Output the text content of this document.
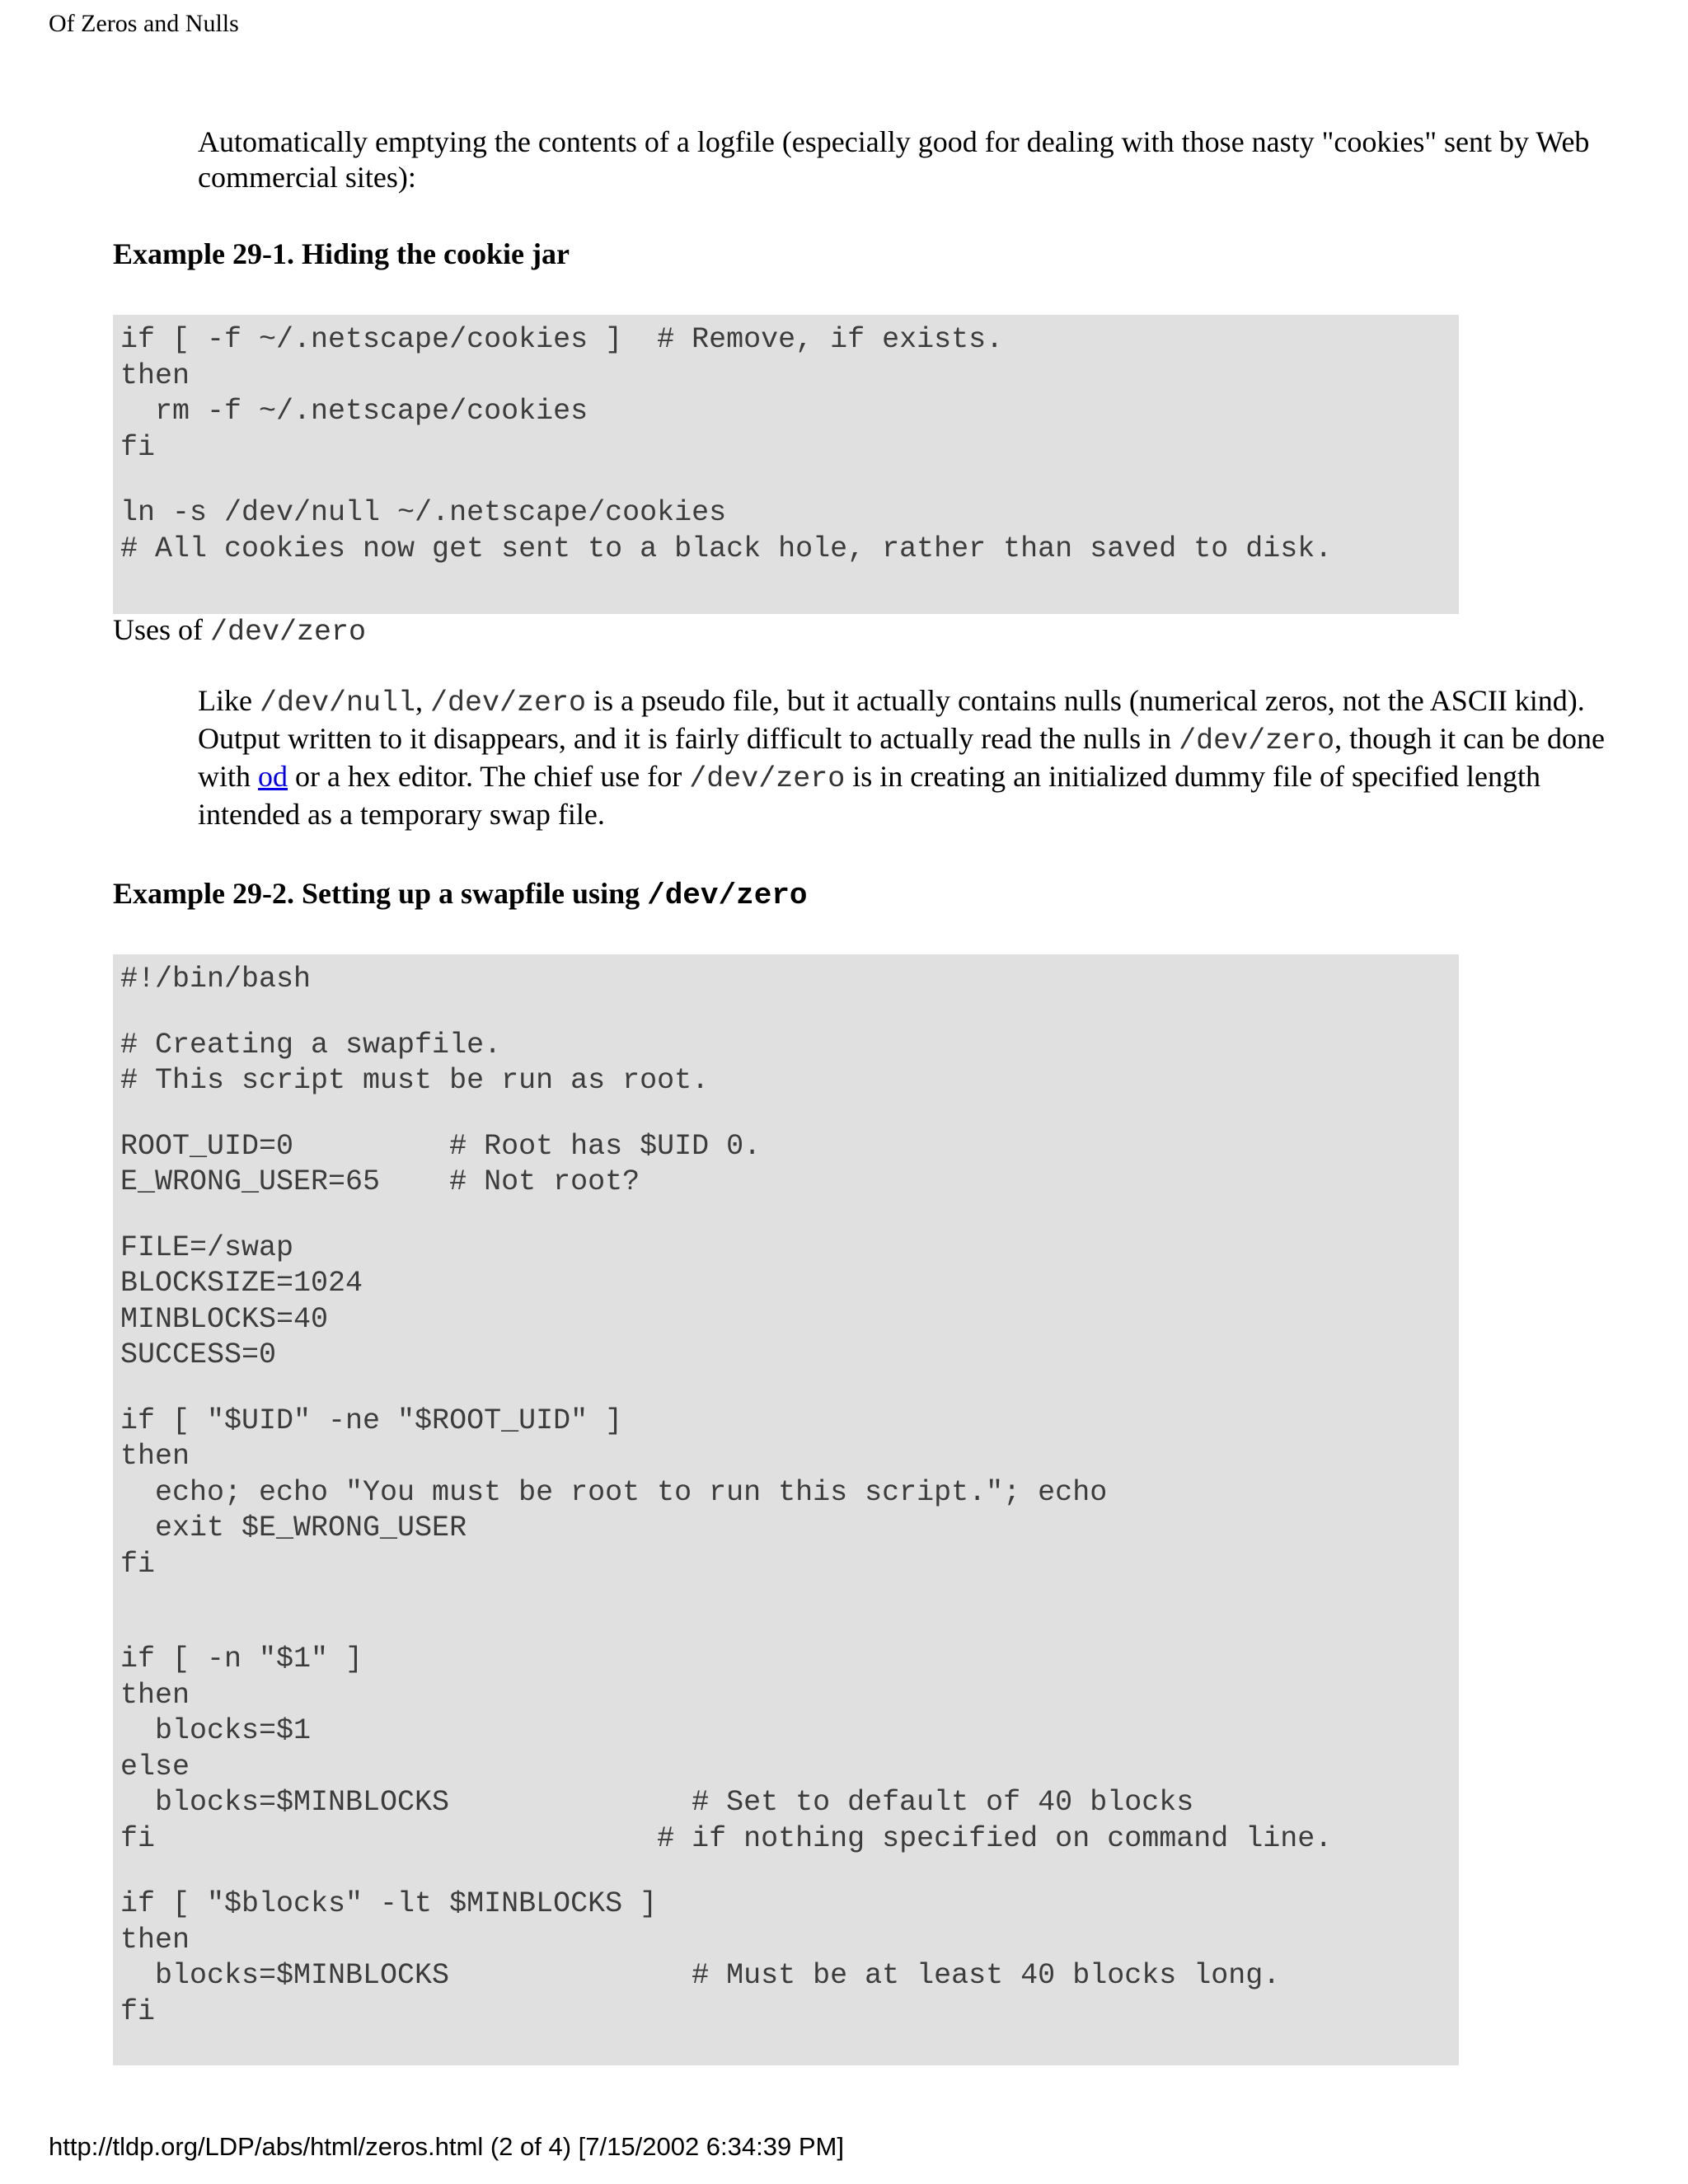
Of Zeros and Nulls
Automatically emptying the contents of a logfile (especially good for dealing with those nasty "cookies" sent by Web commercial sites):
Example 29-1. Hiding the cookie jar
if [ -f ~/.netscape/cookies ]  # Remove, if exists.
then
rm -f ~/.netscape/cookies
fi
ln -s /dev/null ~/.netscape/cookies
# All cookies now get sent to a black hole, rather than saved to disk.
Uses of /dev/zero
Like /dev/null, /dev/zero is a pseudo file, but it actually contains nulls (numerical zeros, not the ASCII kind). Output written to it disappears, and it is fairly difficult to actually read the nulls in /dev/zero, though it can be done with od or a hex editor. The chief use for /dev/zero is in creating an initialized dummy file of specified length intended as a temporary swap file.
Example 29-2. Setting up a swapfile using /dev/zero
#!/bin/bash
# Creating a swapfile.
# This script must be run as root.
ROOT_UID=0         # Root has $UID 0.
E_WRONG_USER=65    # Not root?
FILE=/swap
BLOCKSIZE=1024
MINBLOCKS=40
SUCCESS=0
if [ "$UID" -ne "$ROOT_UID" ]
then
echo; echo "You must be root to run this script."; echo
exit $E_WRONG_USER
fi
if [ -n "$1" ]
then
blocks=$1
else
blocks=$MINBLOCKS              # Set to default of 40 blocks
fi                             # if nothing specified on command line.
if [ "$blocks" -lt $MINBLOCKS ]
then
blocks=$MINBLOCKS              # Must be at least 40 blocks long.
fi
http://tldp.org/LDP/abs/html/zeros.html (2 of 4) [7/15/2002 6:34:39 PM]
